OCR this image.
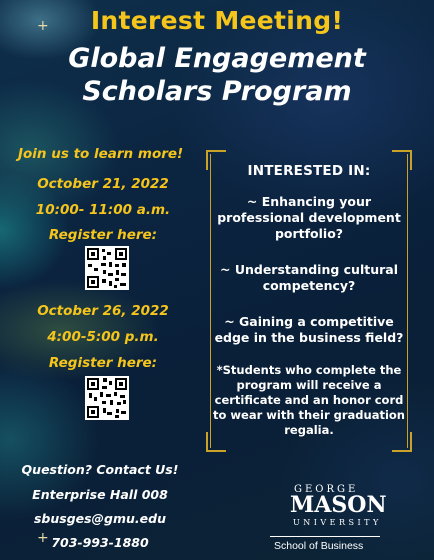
+
+
Interest Meeting!
Global Engagement
Scholars Program
Join us to learn more!
October 21, 2022
10:00- 11:00 a.m.
Register here:
October 26, 2022
4:00-5:00 p.m.
Register here:
Question? Contact Us!
Enterprise Hall 008
sbusges@gmu.edu
703-993-1880
INTERESTED IN:
~ Enhancing your professional development portfolio?
~ Understanding cultural competency?
~ Gaining a competitive edge in the business field?
*Students who complete the program will receive a certificate and an honor cord to wear with their graduation regalia.
GEORGE
MASON
UNIVERSITY
School of Business
